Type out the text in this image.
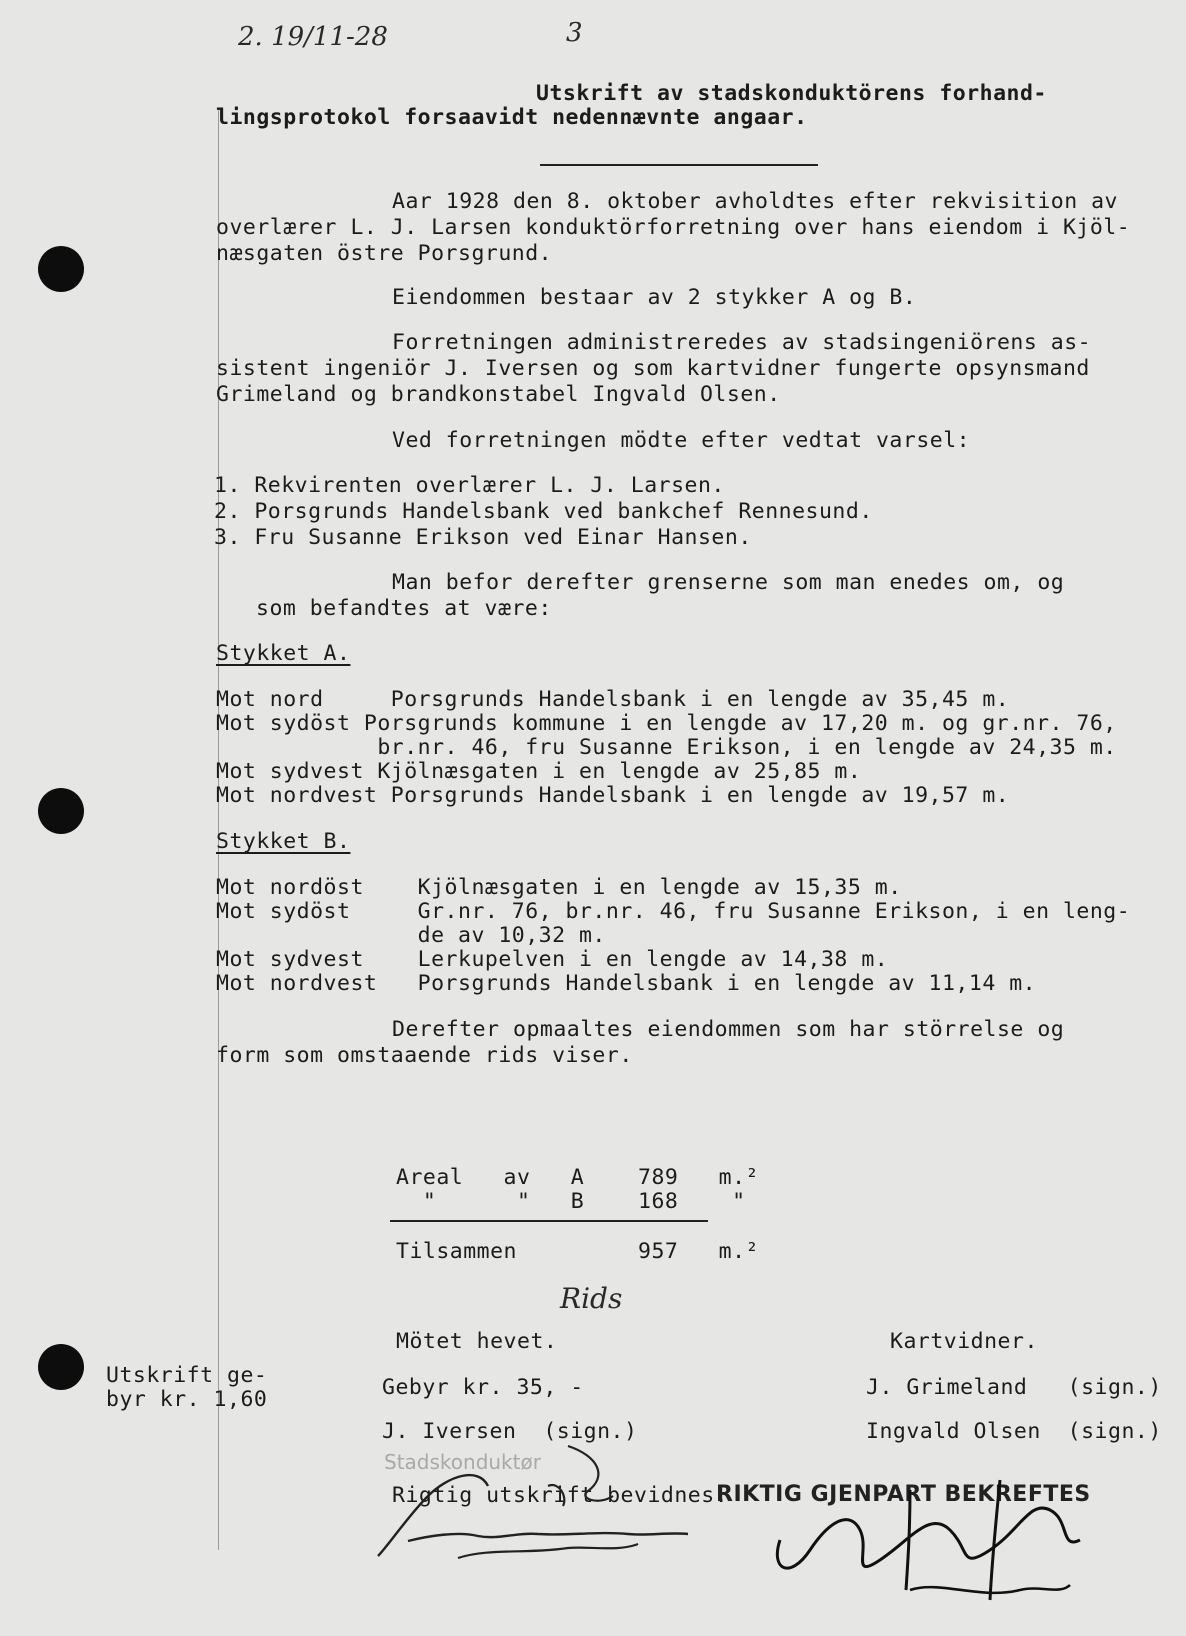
2. 19/11-28	3
Utskrift av stadskonduktörens forhand-
lingsprotokol forsaavidt nedennævnte angaar.
Aar 1928 den 8. oktober avholdtes efter rekvisition av
overlærer L. J. Larsen konduktörforretning over hans eiendom i Kjöl-
næsgaten östre Porsgrund.
Eiendommen bestaar av 2 stykker A og B.
Forretningen administreredes av stadsingeniörens as-
sistent ingeniör J. Iversen og som kartvidner fungerte opsynsmand
Grimeland og brandkonstabel Ingvald Olsen.
Ved forretningen mödte efter vedtat varsel:
1. Rekvirenten overlærer L. J. Larsen.
2. Porsgrunds Handelsbank ved bankchef Rennesund.
3. Fru Susanne Erikson ved Einar Hansen.
Man befor derefter grenserne som man enedes om, og
som befandtes at være:
Stykket A.
Mot nord     Porsgrunds Handelsbank i en lengde av 35,45 m.
Mot sydöst Porsgrunds kommune i en lengde av 17,20 m. og gr.nr. 76,
br.nr. 46, fru Susanne Erikson, i en lengde av 24,35 m.
Mot sydvest Kjölnæsgaten i en lengde av 25,85 m.
Mot nordvest Porsgrunds Handelsbank i en lengde av 19,57 m.
Stykket B.
Mot nordöst    Kjölnæsgaten i en lengde av 15,35 m.
Mot sydöst     Gr.nr. 76, br.nr. 46, fru Susanne Erikson, i en leng-
de av 10,32 m.
Mot sydvest    Lerkupelven i en lengde av 14,38 m.
Mot nordvest   Porsgrunds Handelsbank i en lengde av 11,14 m.
Derefter opmaaltes eiendommen som har störrelse og
form som omstaaende rids viser.
Areal   av   A    789   m.²
"      "   B    168    "
Tilsammen         957   m.²
Rids
Mötet hevet.	Kartvidner.
Utskrift ge-
byr kr. 1,60	Gebyr kr. 35, -	J. Grimeland   (sign.)
J. Iversen  (sign.)	Ingvald Olsen  (sign.)
Stadskonduktør
Rigtig utskrift bevidnes.
RIKTIG GJENPART BEKREFTES
